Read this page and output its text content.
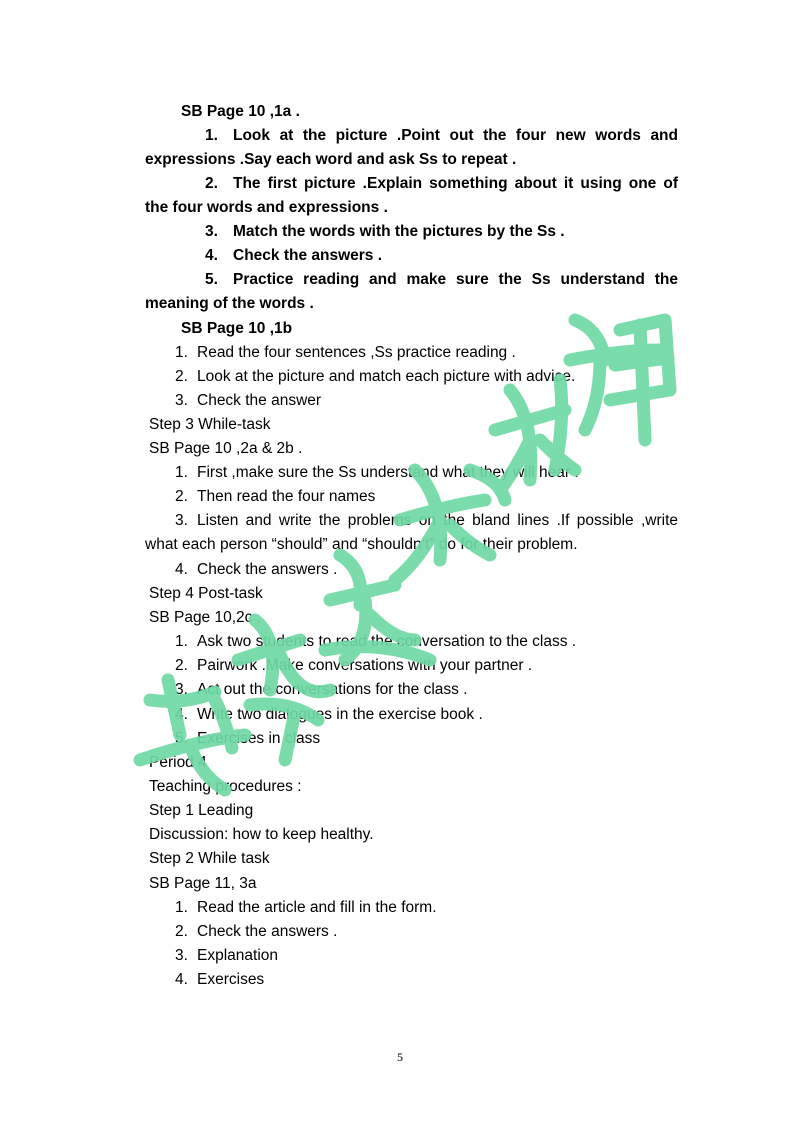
SB Page 10 ,1a .
1. Look at the picture .Point out the four new words and
expressions .Say each word and ask Ss to repeat .
2. The first picture .Explain something about it using one of
the four words and expressions .
3. Match the words with the pictures by the Ss .
4. Check the answers .
5. Practice reading and make sure the Ss understand the
meaning of the words .
SB Page 10 ,1b
1. Read the four sentences ,Ss practice reading .
2. Look at the picture and match each picture with advice.
3. Check the answer
Step 3 While-task
SB Page 10 ,2a & 2b .
1. First ,make sure the Ss understand what they will hear .
2. Then read the four names
3. Listen and write the problems on the bland lines .If possible ,write
what each person “should” and “shouldn’t” do for their problem.
4. Check the answers .
Step 4 Post-task
SB Page 10,2c .
1. Ask two students to read the conversation to the class .
2. Pairwork .Make conversations with your partner .
3. Act out the conversations for the class .
4. Write two dialogues in the exercise book .
5. Exercises in class
Period 4
Teaching procedures :
Step 1 Leading
Discussion: how to keep healthy.
Step 2 While task
SB Page 11, 3a
1. Read the article and fill in the form.
2. Check the answers .
3. Explanation
4. Exercises
5
